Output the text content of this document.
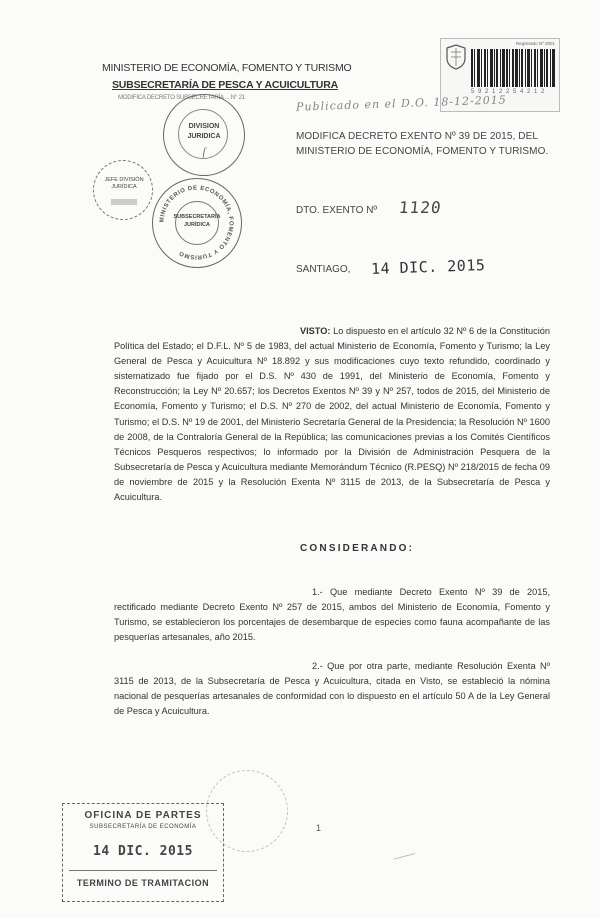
Registrado Nº 0001
5 9 2 1 2 2 5 4 2 1 2
MINISTERIO DE ECONOMÍA, FOMENTO Y TURISMO
SUBSECRETARÍA DE PESCA Y ACUICULTURA
MODIFICA DECRETO SUBSECRETARÍA ... N° 21
DIVISION
JURIDICA
ſ
JEFE DIVISIÓN JURÍDICA
MINISTERIO DE ECONOMÍA, FOMENTO Y TURISMO
SUBSECRETARÍA
JURÍDICA
Publicado en el D.O. 18-12-2015
MODIFICA DECRETO EXENTO Nº 39 DE 2015, DEL MINISTERIO DE ECONOMÍA, FOMENTO Y TURISMO.
DTO. EXENTO Nº 1120
SANTIAGO, 14 DIC. 2015
VISTO: Lo dispuesto en el artículo 32 Nº 6 de la Constitución Política del Estado; el D.F.L. Nº 5 de 1983, del actual Ministerio de Economía, Fomento y Turismo; la Ley General de Pesca y Acuicultura Nº 18.892 y sus modificaciones cuyo texto refundido, coordinado y sistematizado fue fijado por el D.S. Nº 430 de 1991, del Ministerio de Economía, Fomento y Reconstrucción; la Ley Nº 20.657; los Decretos Exentos Nº 39 y Nº 257, todos de 2015, del Ministerio de Economía, Fomento y Turismo; el D.S. Nº 270 de 2002, del actual Ministerio de Economía, Fomento y Turismo; el D.S. Nº 19 de 2001, del Ministerio Secretaría General de la Presidencia; la Resolución Nº 1600 de 2008, de la Contraloría General de la República; las comunicaciones previas a los Comités Científicos Técnicos Pesqueros respectivos; lo informado por la División de Administración Pesquera de la Subsecretaría de Pesca y Acuicultura mediante Memorándum Técnico (R.PESQ) Nº 218/2015 de fecha 09 de noviembre de 2015 y la Resolución Exenta Nº 3115 de 2013, de la Subsecretaría de Pesca y Acuicultura.
CONSIDERANDO:
1.- Que mediante Decreto Exento Nº 39 de 2015, rectificado mediante Decreto Exento Nº 257 de 2015, ambos del Ministerio de Economía, Fomento y Turismo, se establecieron los porcentajes de desembarque de especies como fauna acompañante de las pesquerías artesanales, año 2015.
2.- Que por otra parte, mediante Resolución Exenta Nº 3115 de 2013, de la Subsecretaría de Pesca y Acuicultura, citada en Visto, se estableció la nómina nacional de pesquerías artesanales de conformidad con lo dispuesto en el artículo 50 A de la Ley General de Pesca y Acuicultura.
1
OFICINA DE PARTES
SUBSECRETARÍA DE ECONOMÍA
14 DIC. 2015
TERMINO DE TRAMITACION
